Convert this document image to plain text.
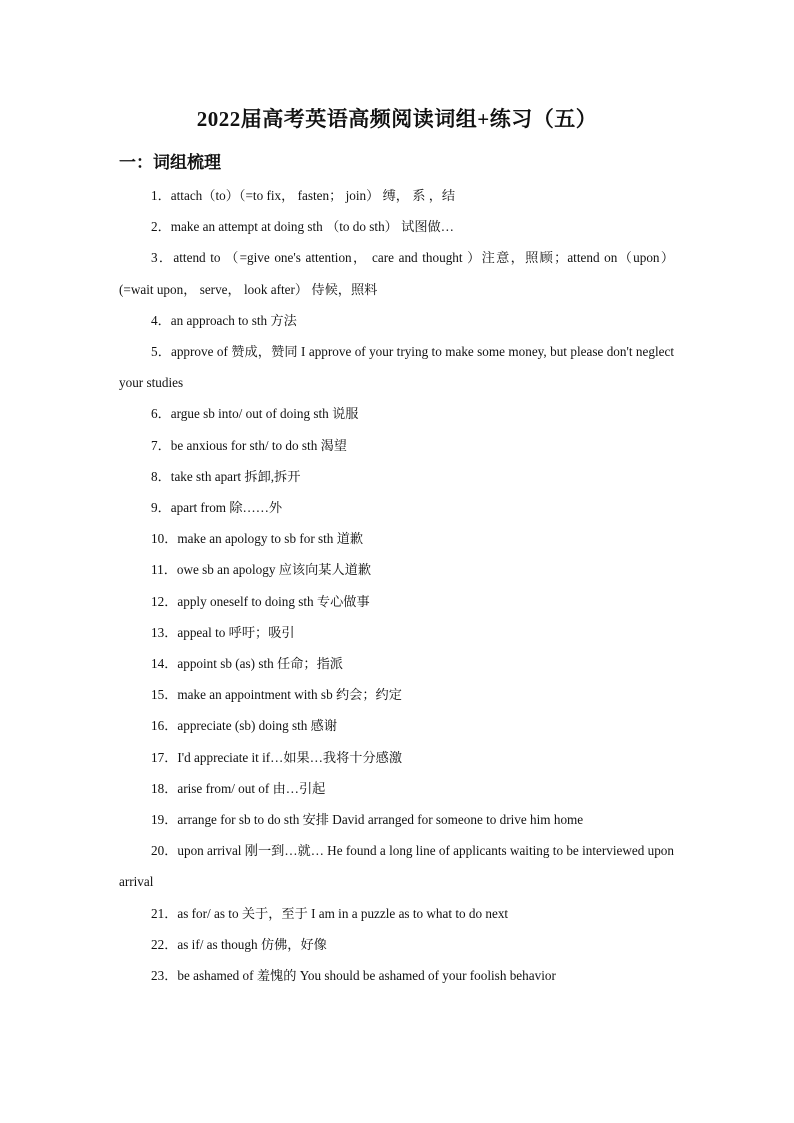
2022届高考英语高频阅读词组+练习（五）
一：词组梳理
1．attach（to）（=to fix， fasten； join） 缚， 系 ，结
2．make an attempt at doing sth （to do sth） 试图做…
3．attend to （=give one's attention， care and thought ）注意，照顾；attend on（upon）(=wait upon， serve， look after） 侍候，照料
4．an approach to sth 方法
5．approve of 赞成，赞同 I approve of your trying to make some money, but please don't neglect your studies
6．argue sb into/ out of doing sth 说服
7．be anxious for sth/ to do sth 渴望
8．take sth apart 拆卸,拆开
9．apart from 除……外
10．make an apology to sb for sth 道歉
11．owe sb an apology 应该向某人道歉
12．apply oneself to doing sth 专心做事
13．appeal to 呼吁；吸引
14．appoint sb (as) sth 任命；指派
15．make an appointment with sb 约会；约定
16．appreciate (sb) doing sth 感谢
17．I'd appreciate it if…如果…我将十分感激
18．arise from/ out of 由…引起
19．arrange for sb to do sth 安排 David arranged for someone to drive him home
20．upon arrival 刚一到…就… He found a long line of applicants waiting to be interviewed upon arrival
21．as for/ as to 关于，至于 I am in a puzzle as to what to do next
22．as if/ as though 仿佛，好像
23．be ashamed of 羞愧的 You should be ashamed of your foolish behavior
